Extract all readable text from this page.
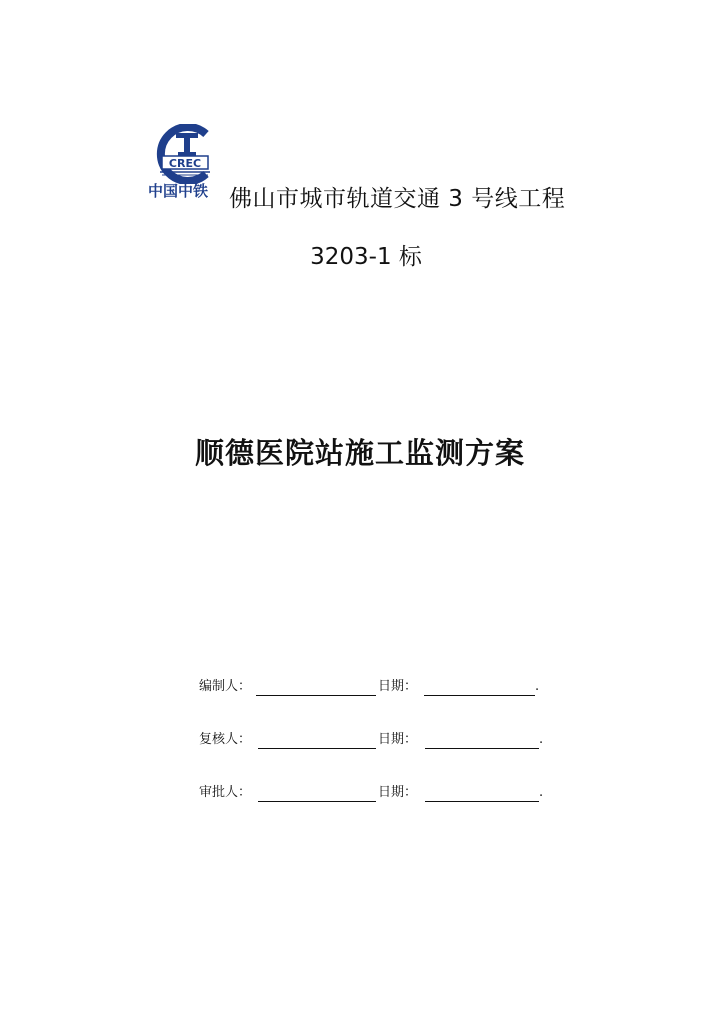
CREC
中国中铁 佛山市城市轨道交通 3 号线工程
3203-1 标
顺德医院站施工监测方案
编制人：	日期：	.
复核人：	日期：	.
审批人：	日期：	.
